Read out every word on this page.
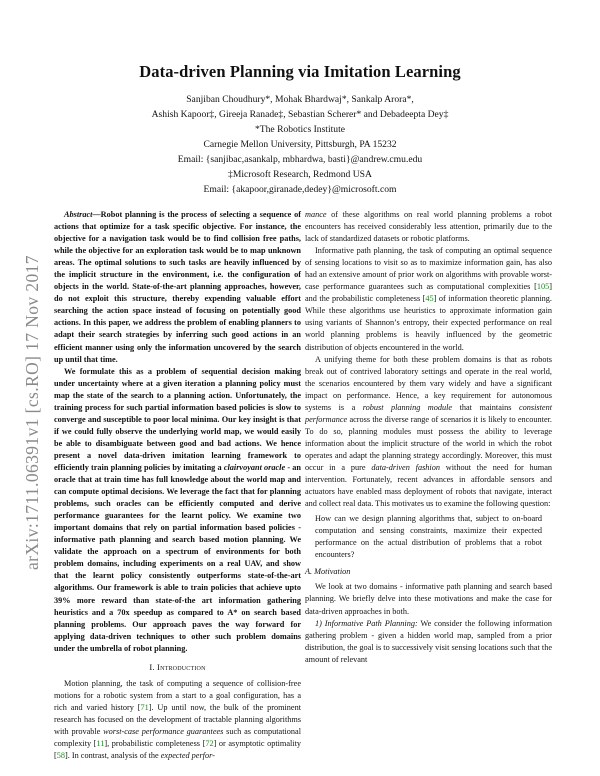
Data-driven Planning via Imitation Learning
Sanjiban Choudhury*, Mohak Bhardwaj*, Sankalp Arora*,
Ashish Kapoor‡, Gireeja Ranade‡, Sebastian Scherer* and Debadeepta Dey‡
*The Robotics Institute
Carnegie Mellon University, Pittsburgh, PA 15232
Email: {sanjibac,asankalp, mbhardwa, basti}@andrew.cmu.edu
‡Microsoft Research, Redmond USA
Email: {akapoor,giranade,dedey}@microsoft.com
arXiv:1711.06391v1 [cs.RO] 17 Nov 2017

Abstract—Robot planning is the process of selecting a sequence of actions that optimize for a task specific objective. For instance, the objective for a navigation task would be to find collision free paths, while the objective for an exploration task would be to map unknown areas. The optimal solutions to such tasks are heavily influenced by the implicit structure in the environment, i.e. the configuration of objects in the world. State-of-the-art planning approaches, however, do not exploit this structure, thereby expending valuable effort searching the action space instead of focusing on potentially good actions. In this paper, we address the problem of enabling planners to adapt their search strategies by inferring such good actions in an efficient manner using only the information uncovered by the search up until that time.

We formulate this as a problem of sequential decision making under uncertainty where at a given iteration a planning policy must map the state of the search to a planning action. Unfortunately, the training process for such partial information based policies is slow to converge and susceptible to poor local minima. Our key insight is that if we could fully observe the underlying world map, we would easily be able to disambiguate between good and bad actions. We hence present a novel data-driven imitation learning framework to efficiently train planning policies by imitating a clairvoyant oracle - an oracle that at train time has full knowledge about the world map and can compute optimal decisions. We leverage the fact that for planning problems, such oracles can be efficiently computed and derive performance guarantees for the learnt policy. We examine two important domains that rely on partial information based policies - informative path planning and search based motion planning. We validate the approach on a spectrum of environments for both problem domains, including experiments on a real UAV, and show that the learnt policy consistently outperforms state-of-the-art algorithms. Our framework is able to train policies that achieve upto 39% more reward than state-of-the art information gathering heuristics and a 70x speedup as compared to A* on search based planning problems. Our approach paves the way forward for applying data-driven techniques to other such problem domains under the umbrella of robot planning.

I. Introduction

Motion planning, the task of computing a sequence of collision-free motions for a robotic system from a start to a goal configuration, has a rich and varied history [71]. Up until now, the bulk of the prominent research has focused on the development of tractable planning algorithms with provable worst-case performance guarantees such as computational complexity [11], probabilistic completeness [72] or asymptotic optimality [58]. In contrast, analysis of the expected perfor-

mance of these algorithms on real world planning problems a robot encounters has received considerably less attention, primarily due to the lack of standardized datasets or robotic platforms.

Informative path planning, the task of computing an optimal sequence of sensing locations to visit so as to maximize information gain, has also had an extensive amount of prior work on algorithms with provable worst-case performance guarantees such as computational complexities [105] and the probabilistic completeness [45] of information theoretic planning. While these algorithms use heuristics to approximate information gain using variants of Shannon’s entropy, their expected performance on real world planning problems is heavily influenced by the geometric distribution of objects encountered in the world.

A unifying theme for both these problem domains is that as robots break out of contrived laboratory settings and operate in the real world, the scenarios encountered by them vary widely and have a significant impact on performance. Hence, a key requirement for autonomous systems is a robust planning module that maintains consistent performance across the diverse range of scenarios it is likely to encounter. To do so, planning modules must possess the ability to leverage information about the implicit structure of the world in which the robot operates and adapt the planning strategy accordingly. Moreover, this must occur in a pure data-driven fashion without the need for human intervention. Fortunately, recent advances in affordable sensors and actuators have enabled mass deployment of robots that navigate, interact and collect real data. This motivates us to examine the following question:

How can we design planning algorithms that, subject to on-board computation and sensing constraints, maximize their expected performance on the actual distribution of problems that a robot encounters?

A. Motivation

We look at two domains - informative path planning and search based planning. We briefly delve into these motivations and make the case for data-driven approaches in both.

1) Informative Path Planning: We consider the following information gathering problem - given a hidden world map, sampled from a prior distribution, the goal is to successively visit sensing locations such that the amount of relevant
